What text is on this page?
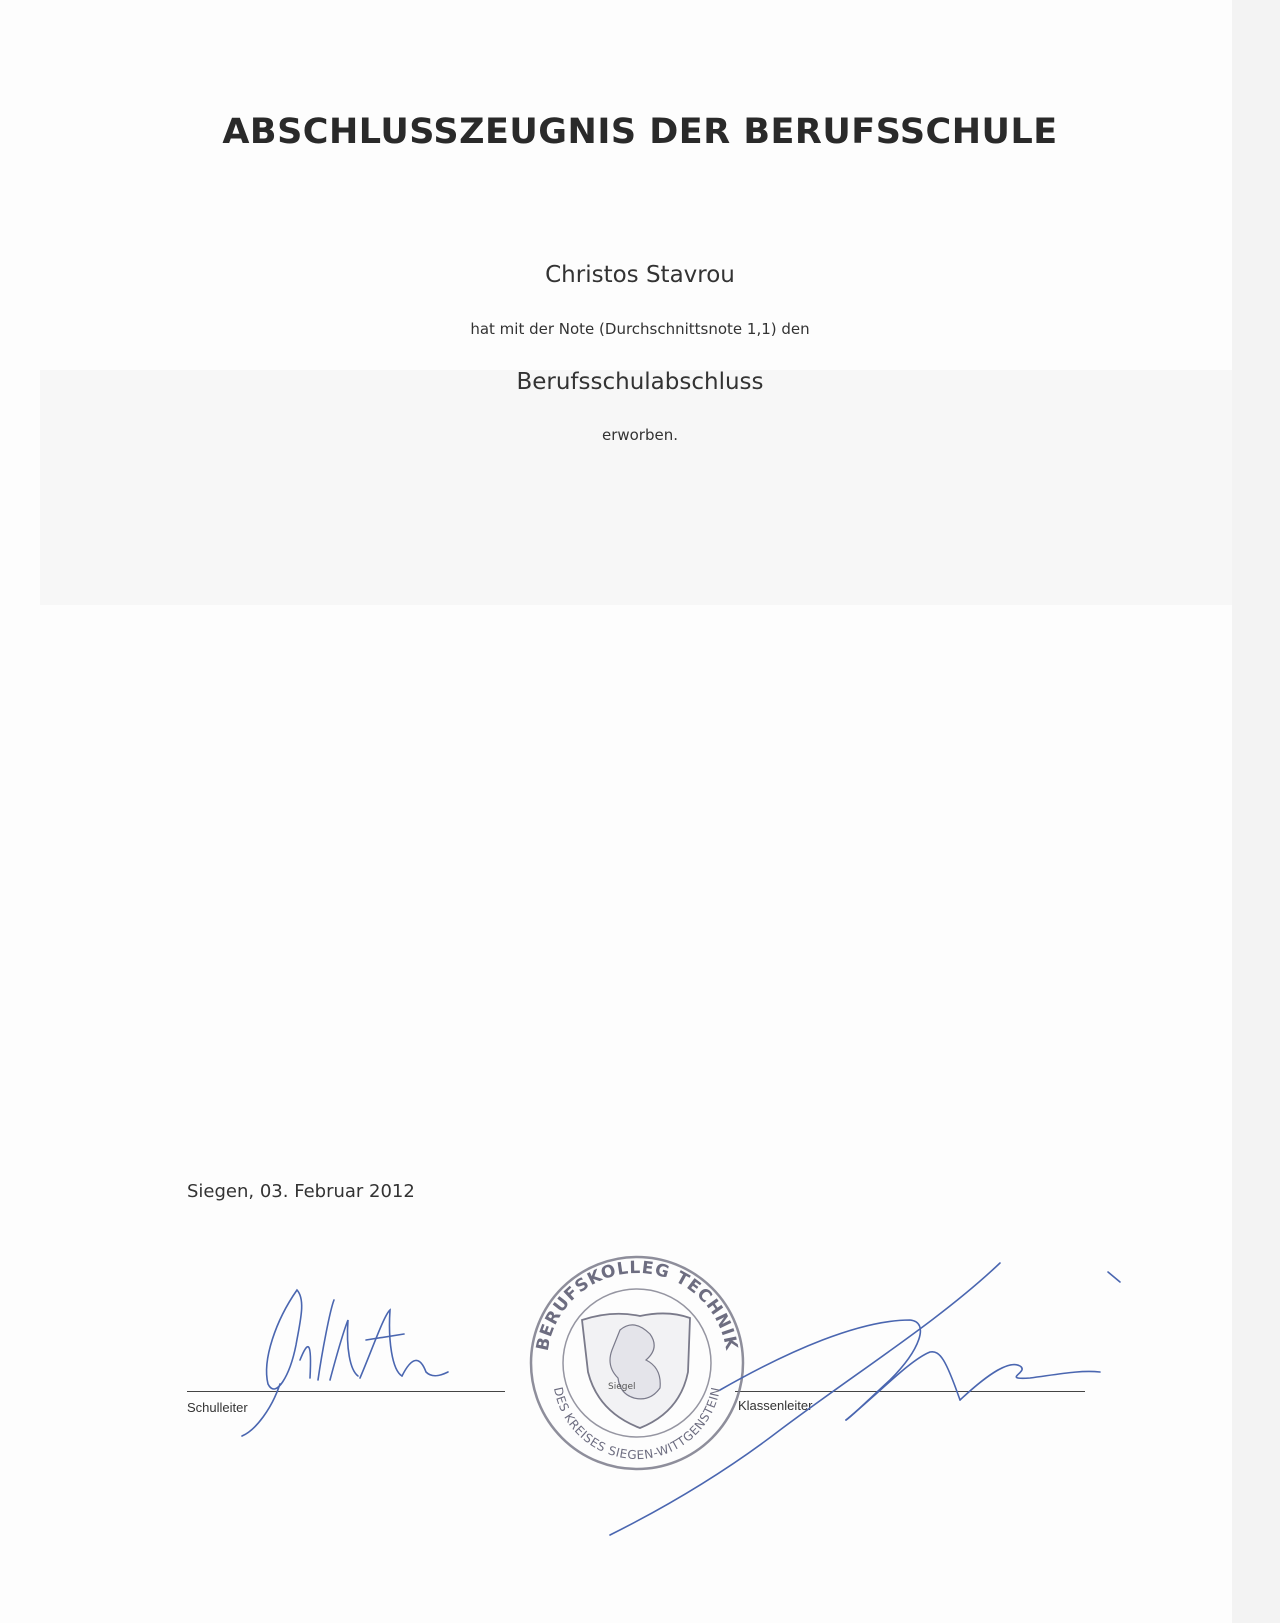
ABSCHLUSSZEUGNIS DER BERUFSSCHULE
Christos Stavrou
hat mit der Note (Durchschnittsnote 1,1) den
Berufsschulabschluss
erworben.
Siegen, 03. Februar 2012
Schulleiter	Klassenleiter
BERUFSKOLLEG TECHNIK
DES KREISES SIEGEN-WITTGENSTEIN
Siegel
